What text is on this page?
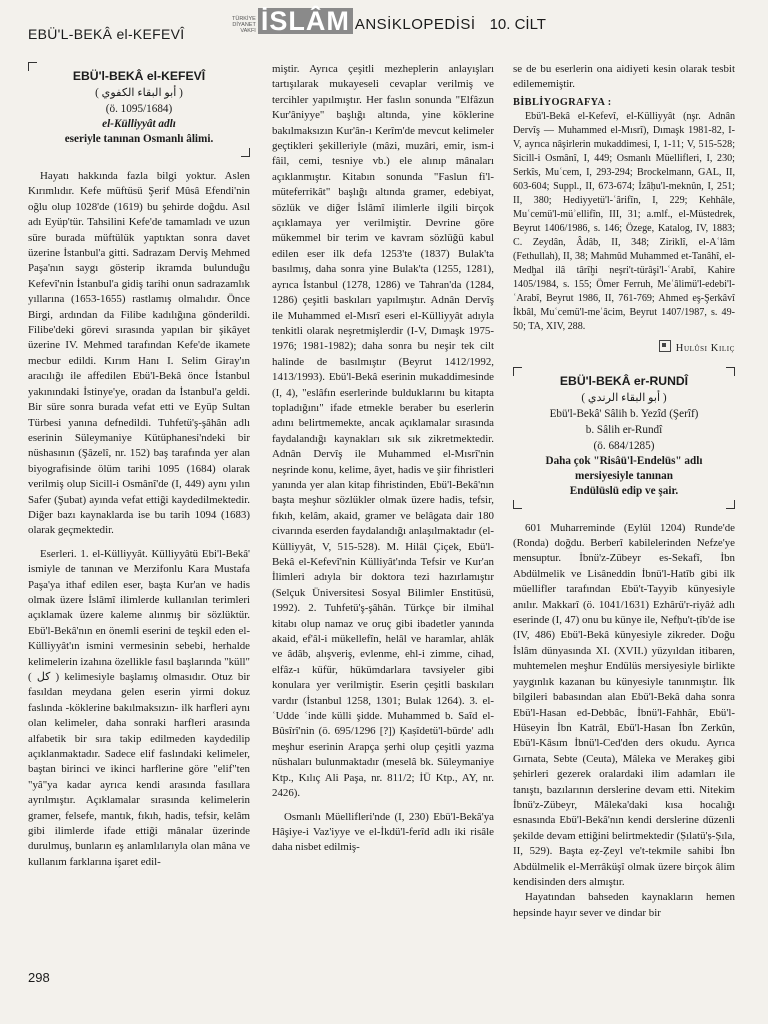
EBÜ'L-BEKÂ el-KEFEVÎ
TÜRKİYE
DİYANET
VAKFI İSLÂM ANSİKLOPEDİSİ 10. CİLT
EBÜ'l-BEKÂ el-KEFEVÎ
( أبو البقاء الكفوي )
(ö. 1095/1684)
el-Külliyyât adlı
eseriyle tanınan Osmanlı âlimi.

Hayatı hakkında fazla bilgi yoktur. Aslen Kırımlıdır. Kefe müftüsü Şerif Mûsâ Efendi'nin oğlu olup 1028'de (1619) bu şehirde doğdu. Asıl adı Eyüp'tür. Tahsilini Kefe'de tamamladı ve uzun süre burada müftülük yaptıktan sonra davet üzerine İstanbul'a gitti. Sadrazam Derviş Mehmed Paşa'nın saygı gösterip ikramda bulunduğu Kefevî'nin İstanbul'a gidiş tarihi onun sadrazamlık yıllarına (1653-1655) rastlamış olmalıdır. Önce Birgi, ardından da Filibe kadılığına gönderildi. Filibe'deki görevi sırasında yapılan bir şikâyet üzerine IV. Mehmed tarafından Kefe'de ikamete mecbur edildi. Kırım Hanı I. Selim Giray'ın aracılığı ile affedilen Ebü'l-Bekâ önce İstanbul yakınındaki İstinye'ye, oradan da İstanbul'a geldi. Bir süre sonra burada vefat etti ve Eyüp Sultan Türbesi yanına defnedildi. Tuhfetü'ş-şâhân adlı eserinin Süleymaniye Kütüphanesi'ndeki bir nüshasının (Şâzelî, nr. 152) baş tarafında yer alan biyografisinde ölüm tarihi 1095 (1684) olarak verilmiş olup Sicill-i Osmânî'de (I, 449) aynı yılın Safer (Şubat) ayında vefat ettiği kaydedilmektedir. Diğer bazı kaynaklarda ise bu tarih 1094 (1683) olarak geçmektedir.

Eserleri. 1. el-Külliyyât. Külliyyâtü Ebi'l-Bekâ' ismiyle de tanınan ve Merzifonlu Kara Mustafa Paşa'ya ithaf edilen eser, başta Kur'an ve hadis olmak üzere İslâmî ilimlerde kullanılan terimleri açıklamak üzere kaleme alınmış bir sözlüktür. Ebü'l-Bekâ'nın en önemli eserini de teşkil eden el-Külliyyât'ın ismini vermesinin sebebi, herhalde kelimelerin izahına özellikle fasıl başlarında "küll" ( كل ) kelimesiyle başlamış olmasıdır. Otuz bir fasıldan meydana gelen eserin yirmi dokuz faslında -köklerine bakılmaksızın- ilk harfleri aynı olan kelimeler, daha sonraki harfleri arasında alfabetik bir sıra takip edilmeden kaydedilip açıklanmaktadır. Sadece elif faslındaki kelimeler, baştan birinci ve ikinci harflerine göre "elif"ten "yâ"ya kadar ayrıca kendi arasında fasıllara ayrılmıştır. Açıklamalar sırasında kelimelerin gramer, felsefe, mantık, fıkıh, hadis, tefsir, kelâm gibi ilimlerde ifade ettiği mânalar üzerinde durulmuş, bunların eş anlamlılarıyla olan mâna ve kullanım farklarına işaret edil-

miştir. Ayrıca çeşitli mezheplerin anlayışları tartışılarak mukayeseli cevaplar verilmiş ve tercihler yapılmıştır. Her faslın sonunda "Elfâzun Kur'âniyye" başlığı altında, yine köklerine bakılmaksızın Kur'ân-ı Kerîm'de mevcut kelimeler geçtikleri şekilleriyle (mâzi, muzâri, emir, ism-i fâil, cemi, tesniye vb.) ele alınıp mânaları açıklanmıştır. Kitabın sonunda "Faslun fi'l-müteferrikât" başlığı altında gramer, edebiyat, sözlük ve diğer İslâmî ilimlerle ilgili birçok açıklamaya yer verilmiştir. Devrine göre mükemmel bir terim ve kavram sözlüğü kabul edilen eser ilk defa 1253'te (1837) Bulak'ta basılmış, daha sonra yine Bulak'ta (1255, 1281), ayrıca İstanbul (1278, 1286) ve Tahran'da (1284, 1286) çeşitli baskıları yapılmıştır. Adnân Dervîş ile Muhammed el-Mısrî eseri el-Külliyyât adıyla tenkitli olarak neşretmişlerdir (I-V, Dımaşk 1975-1976; 1981-1982); daha sonra bu neşir tek cilt halinde de basılmıştır (Beyrut 1412/1992, 1413/1993). Ebü'l-Bekâ eserinin mukaddimesinde (I, 4), "eslâfın eserlerinde bulduklarını bu kitapta topladığını" ifade etmekle beraber bu eserlerin adını belirtmemekte, ancak açıklamalar sırasında faydalandığı kaynakları sık sık zikretmektedir. Adnân Dervîş ile Muhammed el-Mısrî'nin neşrinde konu, kelime, âyet, hadis ve şiir fihristleri yanında yer alan kitap fihristinden, Ebü'l-Bekâ'nın başta meşhur sözlükler olmak üzere hadis, tefsir, fıkıh, kelâm, akaid, gramer ve belâgata dair 180 civarında eserden faydalandığı anlaşılmaktadır (el-Külliyyât, V, 515-528). M. Hilâl Çiçek, Ebü'l-Bekâ el-Kefevî'nin Külliyât'ında Tefsir ve Kur'an İlimleri adıyla bir doktora tezi hazırlamıştır (Selçuk Üniversitesi Sosyal Bilimler Enstitüsü, 1992). 2. Tuhfetü'ş-şâhân. Türkçe bir ilmihal kitabı olup namaz ve oruç gibi ibadetler yanında akaid, ef'âl-i mükellefîn, helâl ve haramlar, ahlâk ve âdâb, alışveriş, evlenme, ehl-i zimme, cihad, elfâz-ı küfür, hükümdarlara tavsiyeler gibi konulara yer verilmiştir. Eserin çeşitli baskıları vardır (İstanbul 1258, 1301; Bulak 1264). 3. el-ʿUdde ʿinde külli şidde. Muhammed b. Saîd el-Bûsîrî'nin (ö. 695/1296 [?]) Ḳaṣîdetü'l-bürde' adlı meşhur eserinin Arapça şerhi olup çeşitli yazma nüshaları bulunmaktadır (meselâ bk. Süleymaniye Ktp., Kılıç Ali Paşa, nr. 811/2; İÜ Ktp., AY, nr. 2426).

Osmanlı Müellifleri'nde (I, 230) Ebü'l-Bekâ'ya Hâşiye-i Vaz'iyye ve el-İkdü'l-ferîd adlı iki risâle daha nisbet edilmiş-

se de bu eserlerin ona aidiyeti kesin olarak tesbit edilememiştir.

BİBLİYOGRAFYA :

Ebü'l-Bekâ el-Kefevî, el-Külliyyât (nşr. Adnân Dervîş — Muhammed el-Mısrî), Dımaşk 1981-82, I-V, ayrıca nâşirlerin mukaddimesi, I, 1-11; V, 515-528; Sicill-i Osmânî, I, 449; Osmanlı Müellifleri, I, 230; Serkîs, Muʿcem, I, 293-294; Brockelmann, GAL, II, 603-604; Suppl., II, 673-674; İzâḥu'l-meknûn, I, 251; II, 380; Hediyyetü'l-ʿârifîn, I, 229; Kehhâle, Muʿcemü'l-müʾellifîn, III, 31; a.mlf., el-Müstedrek, Beyrut 1406/1986, s. 146; Özege, Katalog, IV, 1883; C. Zeydân, Âdâb, II, 348; Ziriklî, el-Aʿlâm (Fethullah), II, 38; Mahmûd Muhammed et-Tanâhî, el-Medḫal ilâ târîḫi neşri't-türâşi'l-ʿArabî, Kahire 1405/1984, s. 155; Ömer Ferruh, Meʿâlimü'l-edebi'l-ʿArabî, Beyrut 1986, II, 761-769; Ahmed eş-Şerkâvî İkbâl, Muʿcemü'l-meʿâcim, Beyrut 1407/1987, s. 49-50; TA, XIV, 288.

Hulûsi Kılıç
EBÜ'l-BEKÂ er-RUNDÎ
( أبو البقاء الرندي )
Ebü'l-Bekâ' Sâlih b. Yezîd (Şerîf)
b. Sâlih er-Rundî
(ö. 684/1285)
Daha çok "Risâü'l-Endelüs" adlı
mersiyesiyle tanınan
Endülüslü edip ve şair.

601 Muharreminde (Eylül 1204) Runde'de (Ronda) doğdu. Berberî kabilelerinden Nefze'ye mensuptur. İbnü'z-Zübeyr es-Sekafî, İbn Abdülmelik ve Lisâneddin İbnü'l-Hatîb gibi ilk müellifler tarafından Ebü't-Tayyib künyesiyle anılır. Makkarî (ö. 1041/1631) Ezhârü'r-riyâż adlı eserinde (I, 47) onu bu künye ile, Nefḥu't-ṭîb'de ise (IV, 486) Ebü'l-Bekâ künyesiyle zikreder. Doğu İslâm dünyasında XI. (XVII.) yüzyıldan itibaren, muhtemelen meşhur Endülüs mersiyesiyle birlikte yaygınlık kazanan bu künyesiyle tanınmıştır. İlk bilgileri babasından alan Ebü'l-Bekâ daha sonra Ebü'l-Hasan ed-Debbâc, İbnü'l-Fahhâr, Ebü'l-Hüseyin İbn Katrâl, Ebü'l-Hasan İbn Zerkûn, Ebü'l-Kâsım İbnü'l-Ced'den ders okudu. Ayrıca Gırnata, Sebte (Ceuta), Mâleka ve Merakeş gibi şehirleri gezerek oralardaki ilim adamları ile tanıştı, bazılarının derslerine devam etti. Nitekim İbnü'z-Zübeyr, Mâleka'daki kısa hocalığı esnasında Ebü'l-Bekâ'nın kendi derslerine düzenli şekilde devam ettiğini belirtmektedir (Ṣılatü'ṣ-Ṣıla, II, 529). Başta eẓ-Ẓeyl ve't-tekmile sahibi İbn Abdülmelik el-Merrâküşî olmak üzere birçok âlim kendisinden ders almıştır.

Hayatından bahseden kaynakların hemen hepsinde hayır sever ve dindar bir

298
